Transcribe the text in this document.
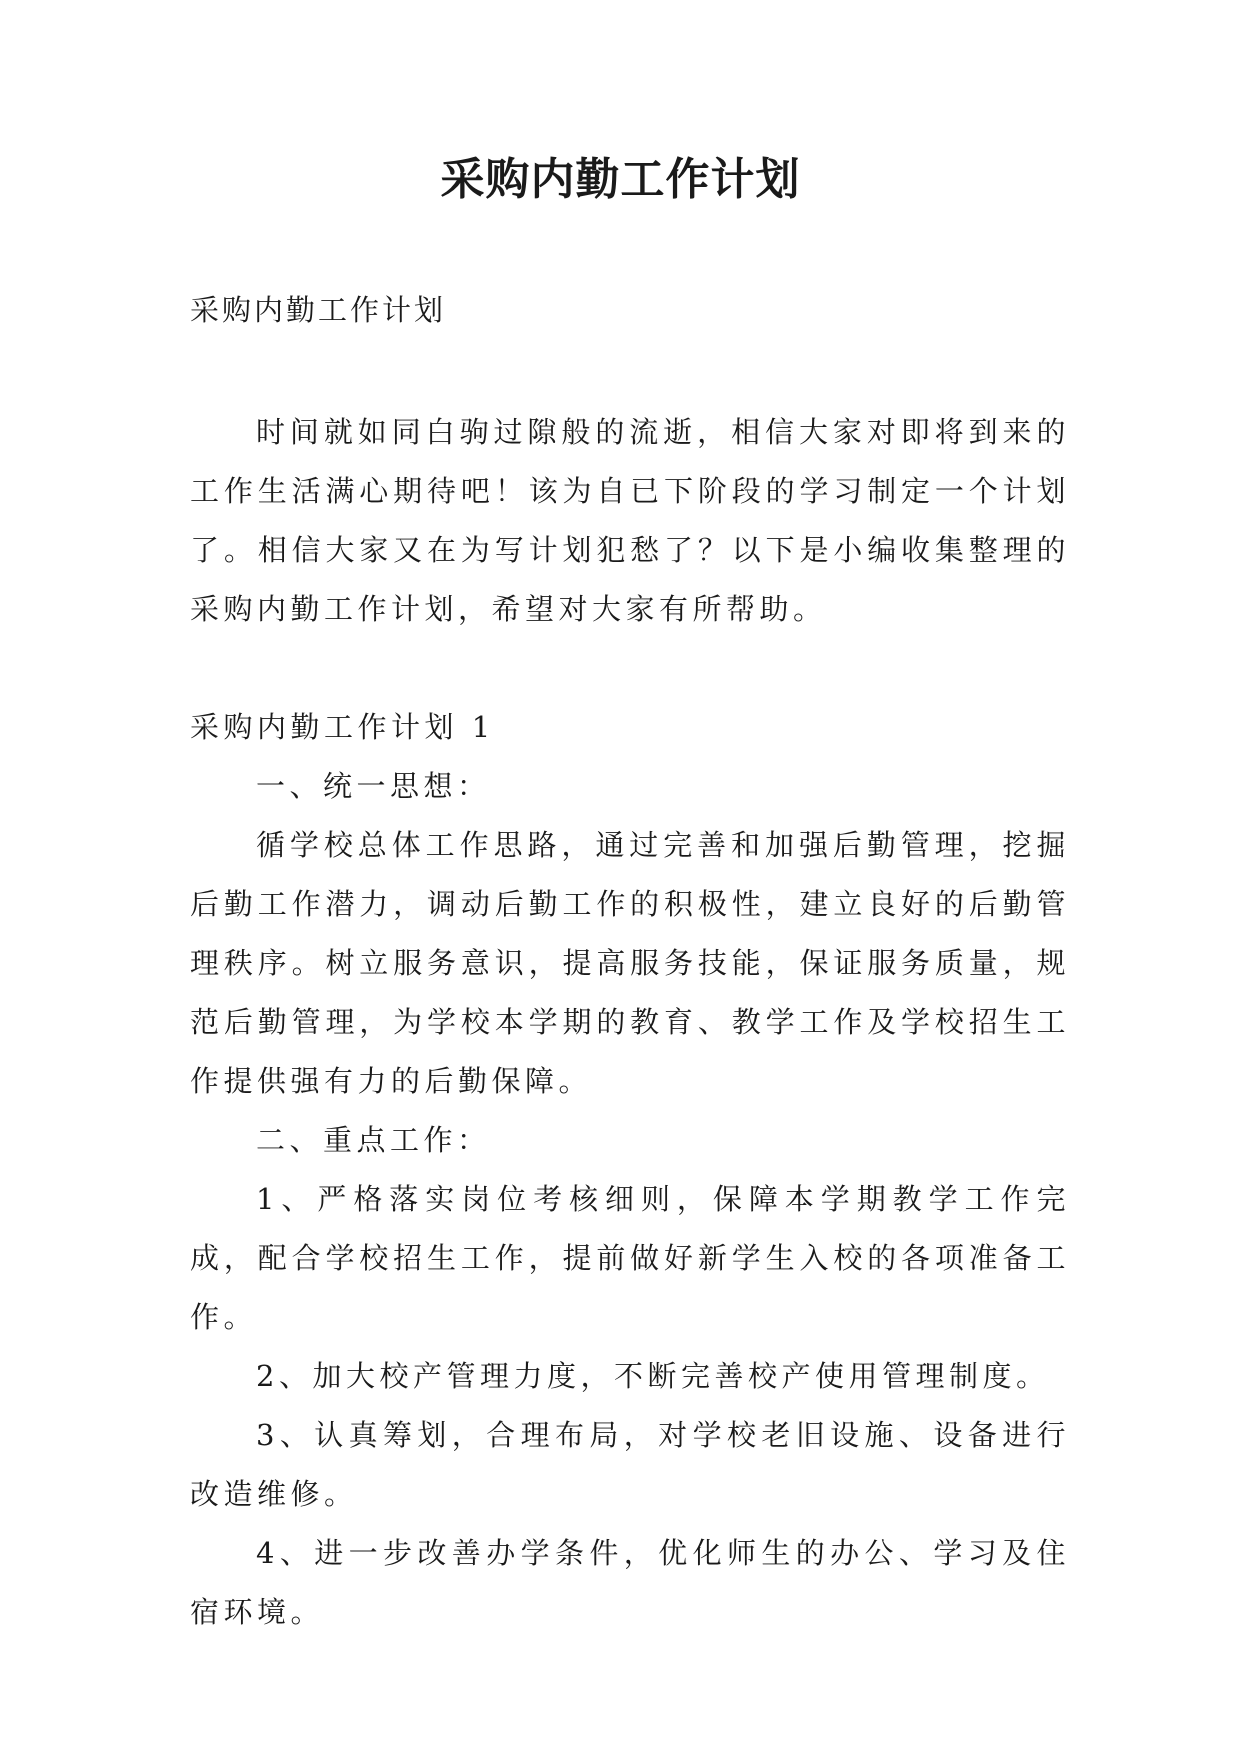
采购内勤工作计划
采购内勤工作计划

时间就如同白驹过隙般的流逝，相信大家对即将到来的工作生活满心期待吧！该为自已下阶段的学习制定一个计划了。相信大家又在为写计划犯愁了？以下是小编收集整理的采购内勤工作计划，希望对大家有所帮助。

采购内勤工作计划 1

一、统一思想：

循学校总体工作思路，通过完善和加强后勤管理，挖掘后勤工作潜力，调动后勤工作的积极性，建立良好的后勤管理秩序。树立服务意识，提高服务技能，保证服务质量，规范后勤管理，为学校本学期的教育、教学工作及学校招生工作提供强有力的后勤保障。

二、重点工作：

1、严格落实岗位考核细则，保障本学期教学工作完成，配合学校招生工作，提前做好新学生入校的各项准备工作。

2、加大校产管理力度，不断完善校产使用管理制度。

3、认真筹划，合理布局，对学校老旧设施、设备进行改造维修。

4、进一步改善办学条件，优化师生的办公、学习及住宿环境。
